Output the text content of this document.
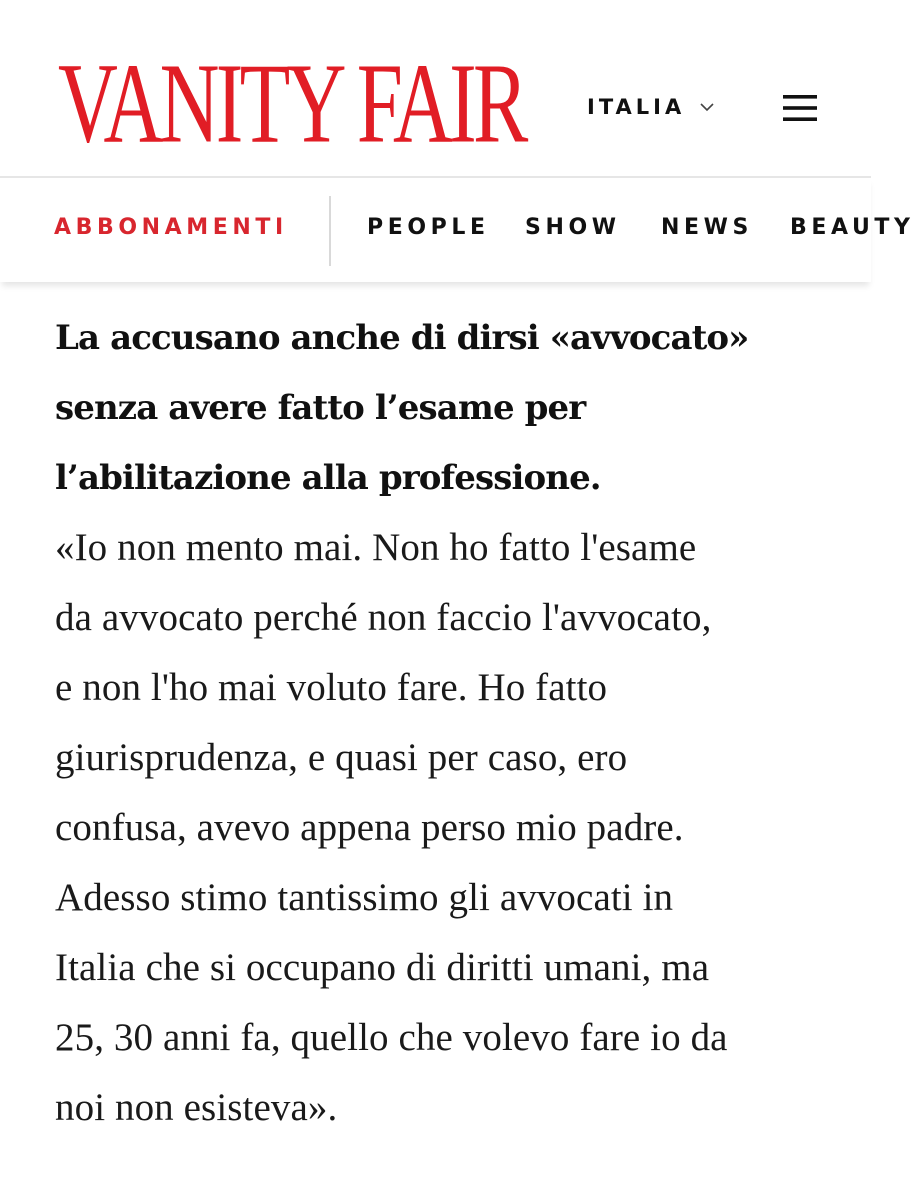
VANITY FAIR	ITALIA
ABBONAMENTI	PEOPLE SHOW NEWS BEAUTY
La accusano anche di dirsi «avvocato»
senza avere fatto l’esame per
l’abilitazione alla professione.
«Io non mento mai. Non ho fatto l'esame
da avvocato perché non faccio l'avvocato,
e non l'ho mai voluto fare. Ho fatto
giurisprudenza, e quasi per caso, ero
confusa, avevo appena perso mio padre.
Adesso stimo tantissimo gli avvocati in
Italia che si occupano di diritti umani, ma
25, 30 anni fa, quello che volevo fare io da
noi non esisteva».
